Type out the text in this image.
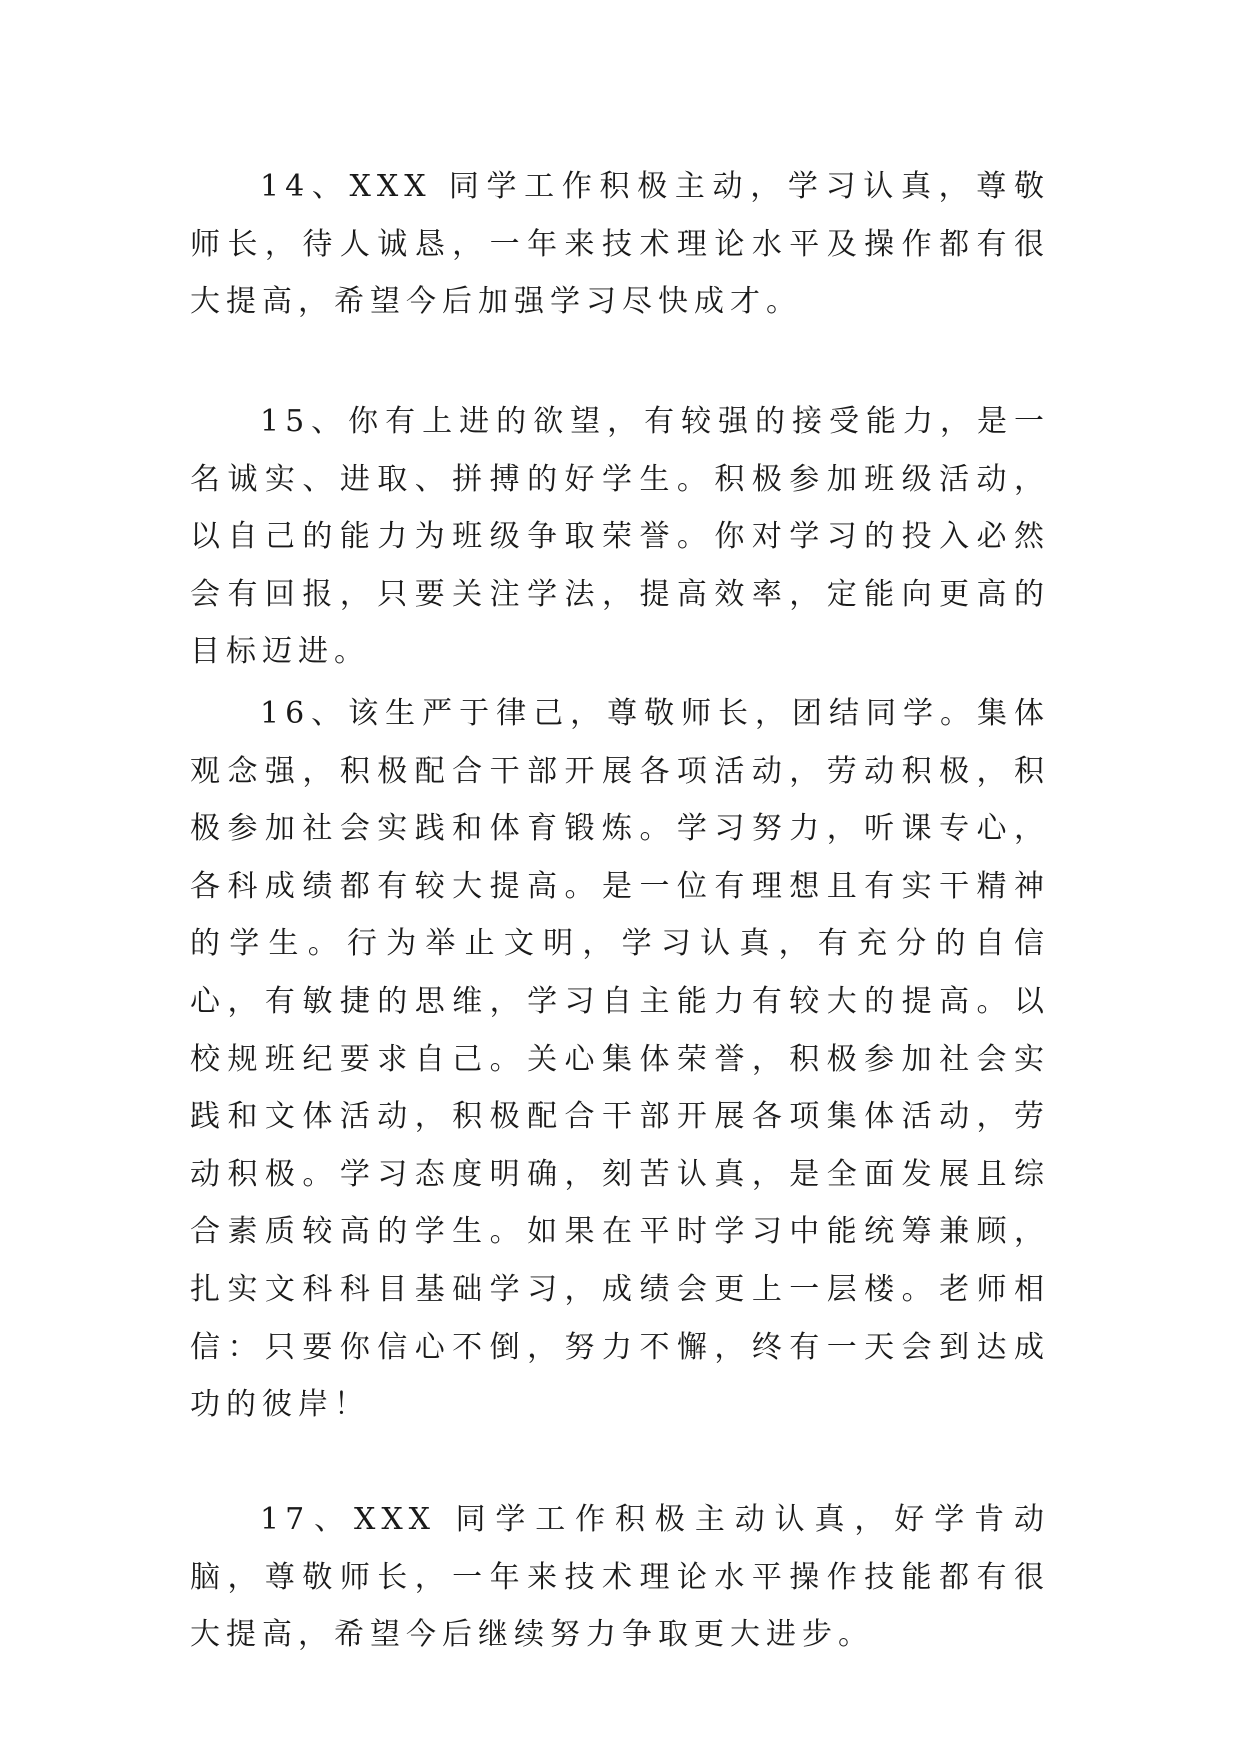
14、XXX 同学工作积极主动，学习认真，尊敬师长，待人诚恳，一年来技术理论水平及操作都有很大提高，希望今后加强学习尽快成才。

15、你有上进的欲望，有较强的接受能力，是一名诚实、进取、拼搏的好学生。积极参加班级活动，以自己的能力为班级争取荣誉。你对学习的投入必然会有回报，只要关注学法，提高效率，定能向更高的目标迈进。

16、该生严于律己，尊敬师长，团结同学。集体观念强，积极配合干部开展各项活动，劳动积极，积极参加社会实践和体育锻炼。学习努力，听课专心，各科成绩都有较大提高。是一位有理想且有实干精神的学生。行为举止文明，学习认真，有充分的自信心，有敏捷的思维，学习自主能力有较大的提高。以校规班纪要求自己。关心集体荣誉，积极参加社会实践和文体活动，积极配合干部开展各项集体活动，劳动积极。学习态度明确，刻苦认真，是全面发展且综合素质较高的学生。如果在平时学习中能统筹兼顾，扎实文科科目基础学习，成绩会更上一层楼。老师相信：只要你信心不倒，努力不懈，终有一天会到达成功的彼岸！

17、XXX 同学工作积极主动认真，好学肯动脑，尊敬师长，一年来技术理论水平操作技能都有很大提高，希望今后继续努力争取更大进步。
